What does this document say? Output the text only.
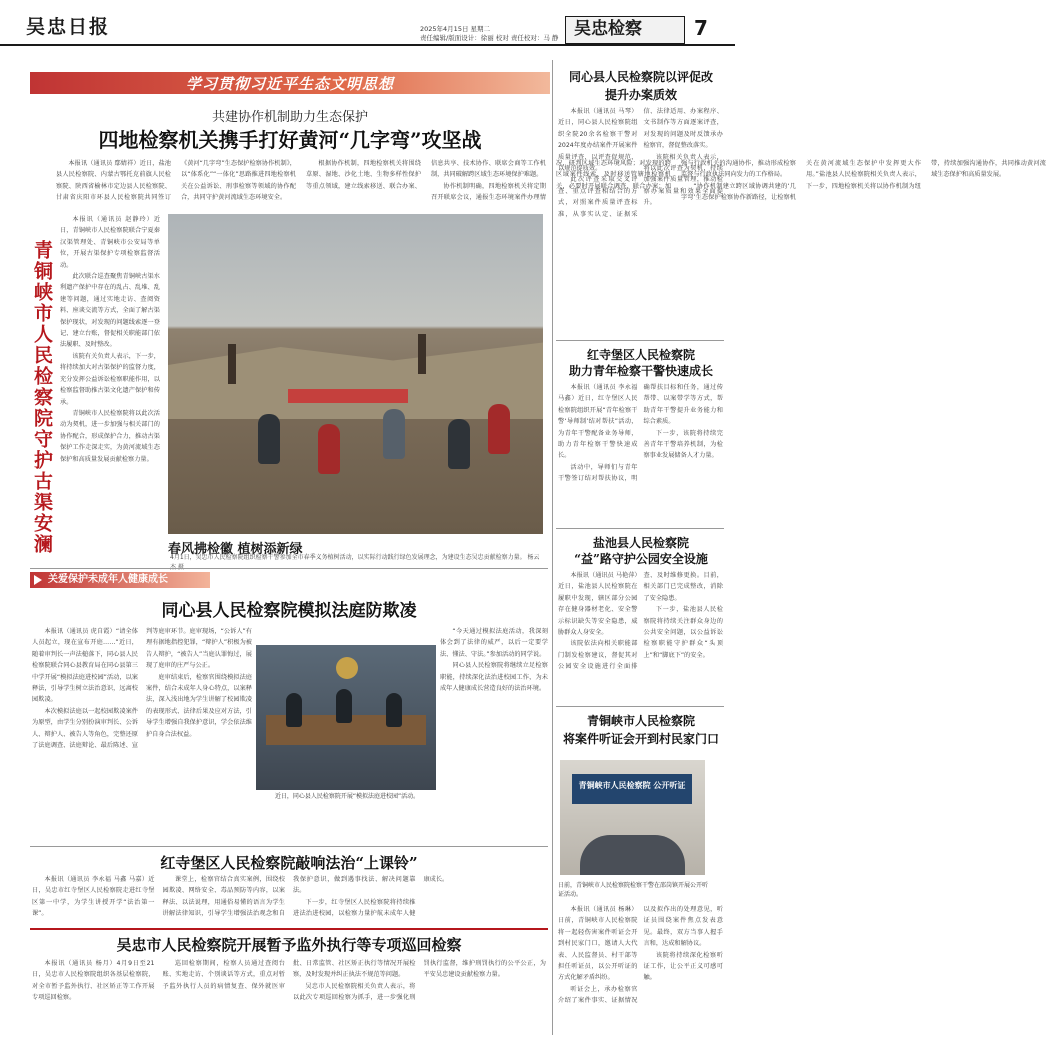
吴忠日报	2025年4月15日 星期二
责任编辑/版面设计：徐丽 校对 责任校对：马 静 吴忠检察	7
学习贯彻习近平生态文明思想
共建协作机制助力生态保护
四地检察机关携手打好黄河“几字弯”攻坚战

本报讯（通讯员 鄢婧祥）近日，盐池县人民检察院、内蒙古鄂托克前旗人民检察院、陕西省榆林市定边县人民检察院、甘肃省庆阳市环县人民检察院共同签订《黄河“几字弯”生态保护检察协作机制》，以“体系化”“一体化”思路推进四地检察机关在公益诉讼、刑事检察等领域的协作配合，共同守护黄河流域生态环境安全。

根据协作机制，四地检察机关将围绕草原、湿地、沙化土地、生物多样性保护等重点领域，建立线索移送、联合办案、信息共享、技术协作、联席会商等工作机制，共同破解跨区域生态环境保护难题。

协作机制明确，四地检察机关将定期召开联席会议，通报生态环境案件办理情况，研判区域生态环境风险；对发现的跨区域案件线索，及时移送管辖地检察机关，必要时开展联合调查、联合办案；加强与行政机关的沟通协作，推动形成检察监督与行政执法同向发力的工作格局。

“协作机制建立跨区域协调共建的‘几字弯’生态保护检察协作新路径，让检察机关在黄河流域生态保护中发挥更大作用。”盐池县人民检察院相关负责人表示，下一步，四地检察机关将以协作机制为纽带，持续加强沟通协作，共同推动黄河流域生态保护和高质量发展。

青铜峡市人民检察院守护古渠安澜

本报讯（通讯员 赵静玲）近日，青铜峡市人民检察院联合宁夏秦汉渠管理处、青铜峡市公安局等单位，开展古渠保护专项检察监督活动。

此次联合巡查聚焦青铜峡古渠水利遗产保护中存在的乱占、乱堆、乱建等问题，通过实地走访、查阅资料、座谈交流等方式，全面了解古渠保护现状，对发现的问题线索逐一登记、建立台账，督促相关职能部门依法履职、及时整改。

该院有关负责人表示，下一步，将持续加大对古渠保护的监督力度，充分发挥公益诉讼检察职能作用，以检察监督助推古渠文化遗产保护和传承。

青铜峡市人民检察院将以此次活动为契机，进一步加强与相关部门的协作配合，形成保护合力，推动古渠保护工作走深走实，为黄河流域生态保护和高质量发展贡献检察力量。

春风拂检徽 植树添新绿
4月1日，吴忠市人民检察院组织检察干警参加全市春季义务植树活动，以实际行动践行绿色发展理念，为建设生态吴忠贡献检察力量。 杨云
同心县人民检察院以评促改
提升办案质效

本报讯（通讯员 马琴）近日，同心县人民检察院组织全院20余名检察干警对2024年度办结案件开展案件质量评查，以评查促规范，以规范提质效。

此次评查采取交叉评查、重点评查相结合的方式，对照案件质量评查标准，从事实认定、证据采信、法律适用、办案程序、文书制作等方面逐案评查，对发现的问题及时反馈承办检察官，督促整改落实。

该院相关负责人表示，将以此次评查为契机，持续加强案件质量管理，推动检察办案质量和效果全面提升。

红寺堡区人民检察院
助力青年检察干警快速成长

本报讯（通讯员 李永福 马鑫）近日，红寺堡区人民检察院组织开展“青年检察干警‘导师制’结对帮扶”活动，为青年干警配备业务导师，助力青年检察干警快速成长。

活动中，导师们与青年干警签订结对帮扶协议，明确帮扶目标和任务，通过传帮带、以案带学等方式，帮助青年干警提升业务能力和综合素质。

下一步，该院将持续完善青年干警培养机制，为检察事业发展储备人才力量。

盐池县人民检察院
“益”路守护公园安全设施

本报讯（通讯员 马艳萍）近日，盐池县人民检察院在履职中发现，辖区部分公园存在健身器材老化、安全警示标识缺失等安全隐患，威胁群众人身安全。

该院依法向相关职能部门制发检察建议，督促其对公园安全设施进行全面排查、及时维修更换。目前，相关部门已完成整改，消除了安全隐患。

下一步，盐池县人民检察院将持续关注群众身边的公共安全问题，以公益诉讼检察职能守护群众“头顶上”和“脚底下”的安全。

青铜峡市人民检察院
将案件听证会开到村民家门口
青铜峡市人民检察院 公开听证
日前，青铜峡市人民检察院检察干警在邵岗镇开展公开听证活动。

本报讯（通讯员 杨琳）日前，青铜峡市人民检察院将一起轻伤害案件听证会开到村民家门口，邀请人大代表、人民监督员、村干部等担任听证员，以公开听证的方式化解矛盾纠纷。

听证会上，承办检察官介绍了案件事实、证据情况以及拟作出的处理意见，听证员围绕案件焦点发表意见。最终，双方当事人握手言和，达成和解协议。

该院将持续深化检察听证工作，让公平正义可感可触。

关爱保护未成年人健康成长
同心县人民检察院模拟法庭防欺凌

本报讯（通讯员 虎自霞）“请全体人员起立，现在宣布开庭……”近日，随着审判长一声法槌落下，同心县人民检察院联合同心县教育局在同心县第三中学开展“模拟法庭进校园”活动，以案释法，引导学生树立法治意识，远离校园欺凌。

本次模拟法庭以一起校园欺凌案件为原型，由学生分别扮演审判长、公诉人、辩护人、被告人等角色，完整还原了法庭调查、法庭辩论、最后陈述、宣判等庭审环节。庭审现场，“公诉人”有理有据地指控犯罪，“辩护人”积极为被告人辩护，“被告人”当庭认罪悔过，展现了庭审的庄严与公正。

庭审结束后，检察官围绕模拟法庭案件，结合未成年人身心特点，以案释法，深入浅出地为学生讲解了校园欺凌的表现形式、法律后果及应对方法，引导学生增强自我保护意识，学会依法维护自身合法权益。

近日，同心县人民检察院开展“模拟法庭进校园”活动。

“今天通过模拟法庭活动，我深刻体会到了法律的威严，以后一定要学法、懂法、守法。”参加活动的同学说。

同心县人民检察院将继续立足检察职能，持续深化法治进校园工作，为未成年人健康成长营造良好的法治环境。

红寺堡区人民检察院敲响法治“上课铃”

本报讯（通讯员 李永福 马鑫 马嘉）近日，吴忠市红寺堡区人民检察院走进红寺堡区第一中学，为学生讲授开学“法治第一课”。

课堂上，检察官结合真实案例，围绕校园欺凌、网络安全、毒品预防等内容，以案释法、以法说理，用通俗易懂的语言为学生讲解法律知识，引导学生增强法治观念和自我保护意识，做到遇事找法、解决问题靠法。

下一步，红寺堡区人民检察院将持续推进法治进校园，以检察力量护航未成年人健康成长。

吴忠市人民检察院开展暂予监外执行等专项巡回检察

本报讯（通讯员 杨月）4月9日至21日，吴忠市人民检察院组织各基层检察院，对全市暂予监外执行、社区矫正等工作开展专项巡回检察。

巡回检察期间，检察人员通过查阅台账、实地走访、个别谈话等方式，重点对暂予监外执行人员的病情复查、保外就医审批、日常监管、社区矫正执行等情况开展检察，及时发现并纠正执法不规范等问题。

吴忠市人民检察院相关负责人表示，将以此次专项巡回检察为抓手，进一步强化刑罚执行监督，维护刑罚执行的公平公正，为平安吴忠建设贡献检察力量。
